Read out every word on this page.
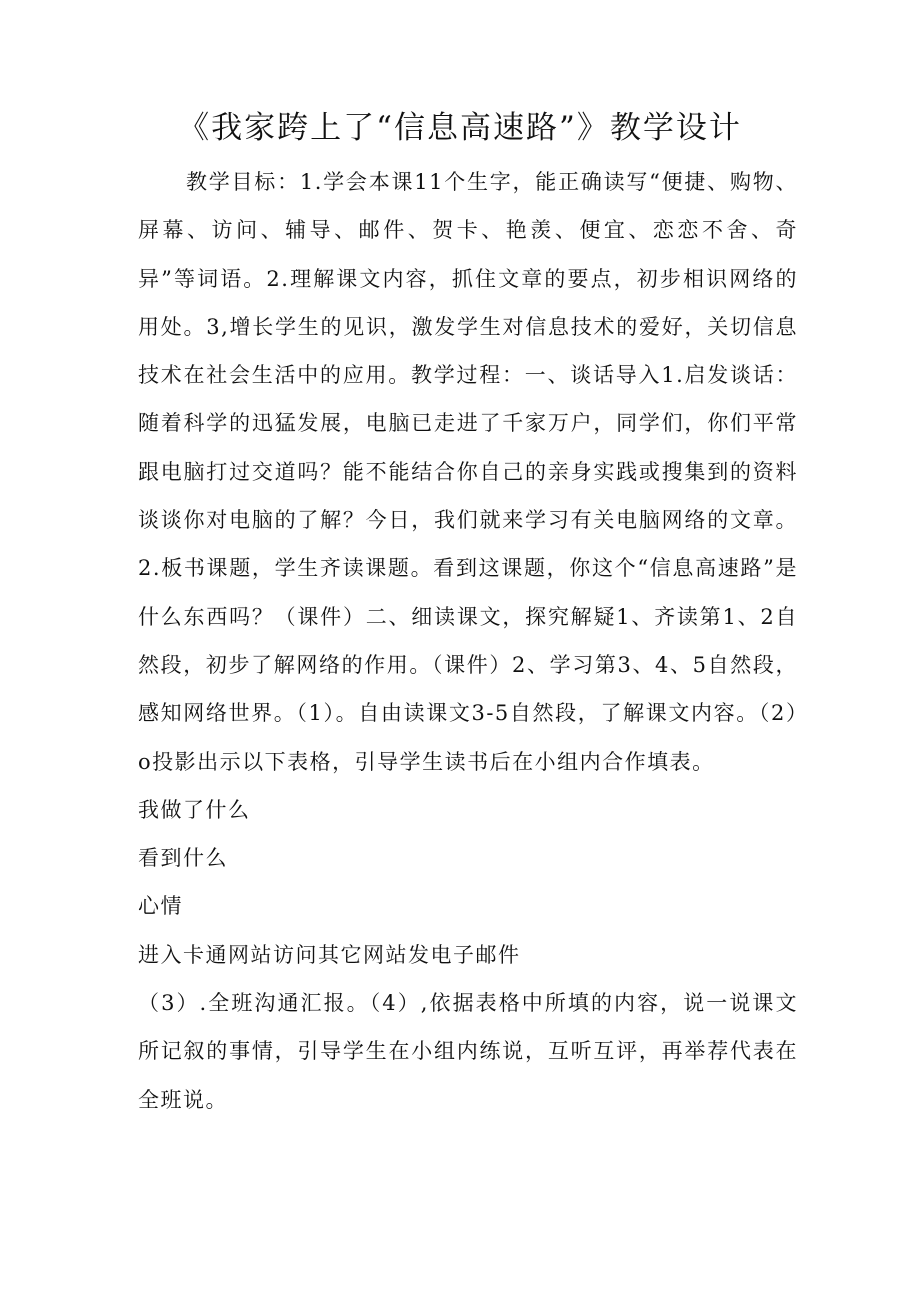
《我家跨上了“信息高速路”》教学设计

教学目标：1.学会本课11个生字，能正确读写“便捷、购物、屏幕、访问、辅导、邮件、贺卡、艳羡、便宜、恋恋不舍、奇异”等词语。2.理解课文内容，抓住文章的要点，初步相识网络的用处。3,增长学生的见识，激发学生对信息技术的爱好，关切信息技术在社会生活中的应用。教学过程：一、谈话导入1.启发谈话：随着科学的迅猛发展，电脑已走进了千家万户，同学们，你们平常跟电脑打过交道吗？能不能结合你自己的亲身实践或搜集到的资料谈谈你对电脑的了解？今日，我们就来学习有关电脑网络的文章。2.板书课题，学生齐读课题。看到这课题，你这个“信息高速路”是什么东西吗？（课件）二、细读课文，探究解疑1、齐读第1、2自然段，初步了解网络的作用。（课件）2、学习第3、4、5自然段，感知网络世界。（1）。自由读课文3-5自然段，了解课文内容。（2）o投影出示以下表格，引导学生读书后在小组内合作填表。

我做了什么

看到什么

心情

进入卡通网站访问其它网站发电子邮件

（3）.全班沟通汇报。（4）,依据表格中所填的内容，说一说课文所记叙的事情，引导学生在小组内练说，互听互评，再举荐代表在全班说。
